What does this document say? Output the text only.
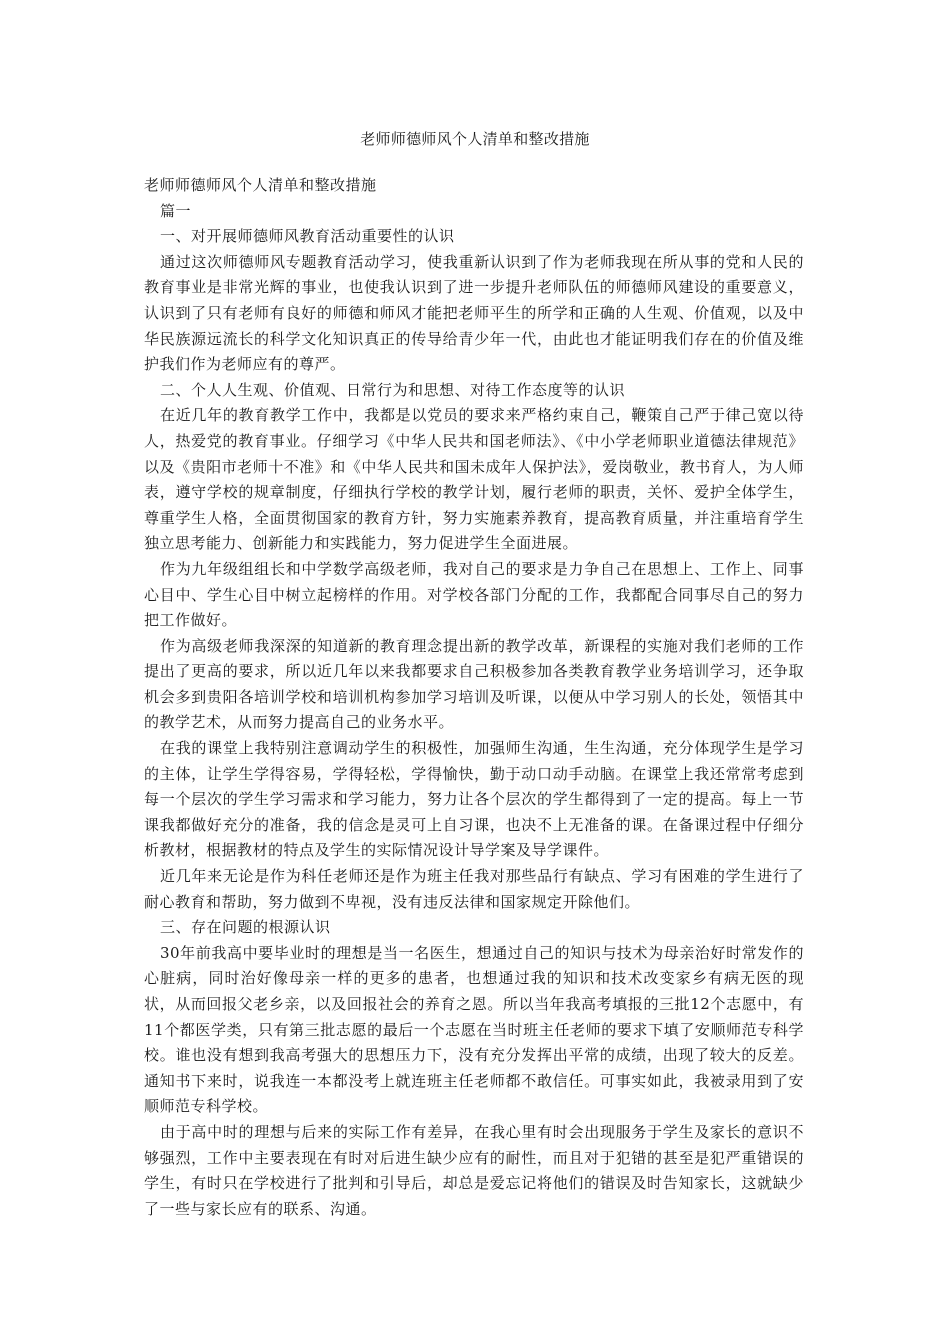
老师师德师风个人清单和整改措施

老师师德师风个人清单和整改措施

篇一

一、对开展师德师风教育活动重要性的认识

通过这次师德师风专题教育活动学习，使我重新认识到了作为老师我现在所从事的党和人民的教育事业是非常光辉的事业，也使我认识到了进一步提升老师队伍的师德师风建设的重要意义，认识到了只有老师有良好的师德和师风才能把老师平生的所学和正确的人生观、价值观，以及中华民族源远流长的科学文化知识真正的传导给青少年一代，由此也才能证明我们存在的价值及维护我们作为老师应有的尊严。

二、个人人生观、价值观、日常行为和思想、对待工作态度等的认识

在近几年的教育教学工作中，我都是以党员的要求来严格约束自己，鞭策自己严于律己宽以待人，热爱党的教育事业。仔细学习《中华人民共和国老师法》、《中小学老师职业道德法律规范》以及《贵阳市老师十不准》和《中华人民共和国未成年人保护法》，爱岗敬业，教书育人，为人师表，遵守学校的规章制度，仔细执行学校的教学计划，履行老师的职责，关怀、爱护全体学生，尊重学生人格，全面贯彻国家的教育方针，努力实施素养教育，提高教育质量，并注重培育学生独立思考能力、创新能力和实践能力，努力促进学生全面进展。

作为九年级组组长和中学数学高级老师，我对自己的要求是力争自己在思想上、工作上、同事心目中、学生心目中树立起榜样的作用。对学校各部门分配的工作，我都配合同事尽自己的努力把工作做好。

作为高级老师我深深的知道新的教育理念提出新的教学改革，新课程的实施对我们老师的工作提出了更高的要求，所以近几年以来我都要求自己积极参加各类教育教学业务培训学习，还争取机会多到贵阳各培训学校和培训机构参加学习培训及听课，以便从中学习别人的长处，领悟其中的教学艺术，从而努力提高自己的业务水平。

在我的课堂上我特别注意调动学生的积极性，加强师生沟通，生生沟通，充分体现学生是学习的主体，让学生学得容易，学得轻松，学得愉快，勤于动口动手动脑。在课堂上我还常常考虑到每一个层次的学生学习需求和学习能力，努力让各个层次的学生都得到了一定的提高。每上一节课我都做好充分的准备，我的信念是灵可上自习课，也决不上无准备的课。在备课过程中仔细分析教材，根据教材的特点及学生的实际情况设计导学案及导学课件。

近几年来无论是作为科任老师还是作为班主任我对那些品行有缺点、学习有困难的学生进行了耐心教育和帮助，努力做到不卑视，没有违反法律和国家规定开除他们。

三、存在问题的根源认识

30年前我高中要毕业时的理想是当一名医生，想通过自己的知识与技术为母亲治好时常发作的心脏病，同时治好像母亲一样的更多的患者，也想通过我的知识和技术改变家乡有病无医的现状，从而回报父老乡亲，以及回报社会的养育之恩。所以当年我高考填报的三批12个志愿中，有11个都医学类，只有第三批志愿的最后一个志愿在当时班主任老师的要求下填了安顺师范专科学校。谁也没有想到我高考强大的思想压力下，没有充分发挥出平常的成绩，出现了较大的反差。通知书下来时，说我连一本都没考上就连班主任老师都不敢信任。可事实如此，我被录用到了安顺师范专科学校。

由于高中时的理想与后来的实际工作有差异，在我心里有时会出现服务于学生及家长的意识不够强烈，工作中主要表现在有时对后进生缺少应有的耐性，而且对于犯错的甚至是犯严重错误的学生，有时只在学校进行了批判和引导后，却总是爱忘记将他们的错误及时告知家长，这就缺少了一些与家长应有的联系、沟通。
